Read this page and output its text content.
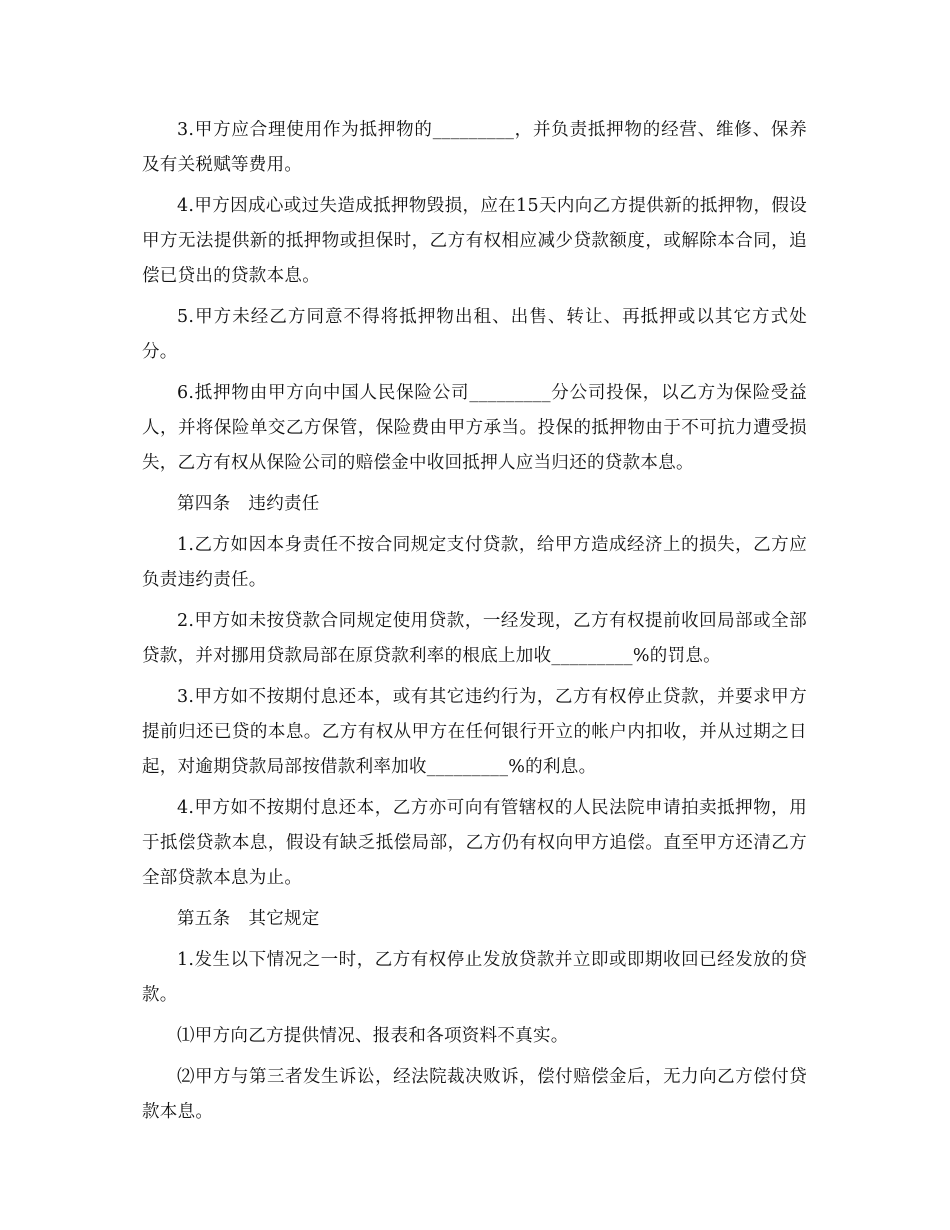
3.甲方应合理使用作为抵押物的_________，并负责抵押物的经营、维修、保养及有关税赋等费用。

4.甲方因成心或过失造成抵押物毁损，应在15天内向乙方提供新的抵押物，假设甲方无法提供新的抵押物或担保时，乙方有权相应减少贷款额度，或解除本合同，追偿已贷出的贷款本息。

5.甲方未经乙方同意不得将抵押物出租、出售、转让、再抵押或以其它方式处分。

6.抵押物由甲方向中国人民保险公司_________分公司投保，以乙方为保险受益人，并将保险单交乙方保管，保险费由甲方承当。投保的抵押物由于不可抗力遭受损失，乙方有权从保险公司的赔偿金中收回抵押人应当归还的贷款本息。

第四条 违约责任

1.乙方如因本身责任不按合同规定支付贷款，给甲方造成经济上的损失，乙方应负责违约责任。

2.甲方如未按贷款合同规定使用贷款，一经发现，乙方有权提前收回局部或全部贷款，并对挪用贷款局部在原贷款利率的根底上加收_________%的罚息。

3.甲方如不按期付息还本，或有其它违约行为，乙方有权停止贷款，并要求甲方提前归还已贷的本息。乙方有权从甲方在任何银行开立的帐户内扣收，并从过期之日起，对逾期贷款局部按借款利率加收_________%的利息。

4.甲方如不按期付息还本，乙方亦可向有管辖权的人民法院申请拍卖抵押物，用于抵偿贷款本息，假设有缺乏抵偿局部，乙方仍有权向甲方追偿。直至甲方还清乙方全部贷款本息为止。

第五条 其它规定

1.发生以下情况之一时，乙方有权停止发放贷款并立即或即期收回已经发放的贷款。

⑴甲方向乙方提供情况、报表和各项资料不真实。

⑵甲方与第三者发生诉讼，经法院裁决败诉，偿付赔偿金后，无力向乙方偿付贷款本息。
